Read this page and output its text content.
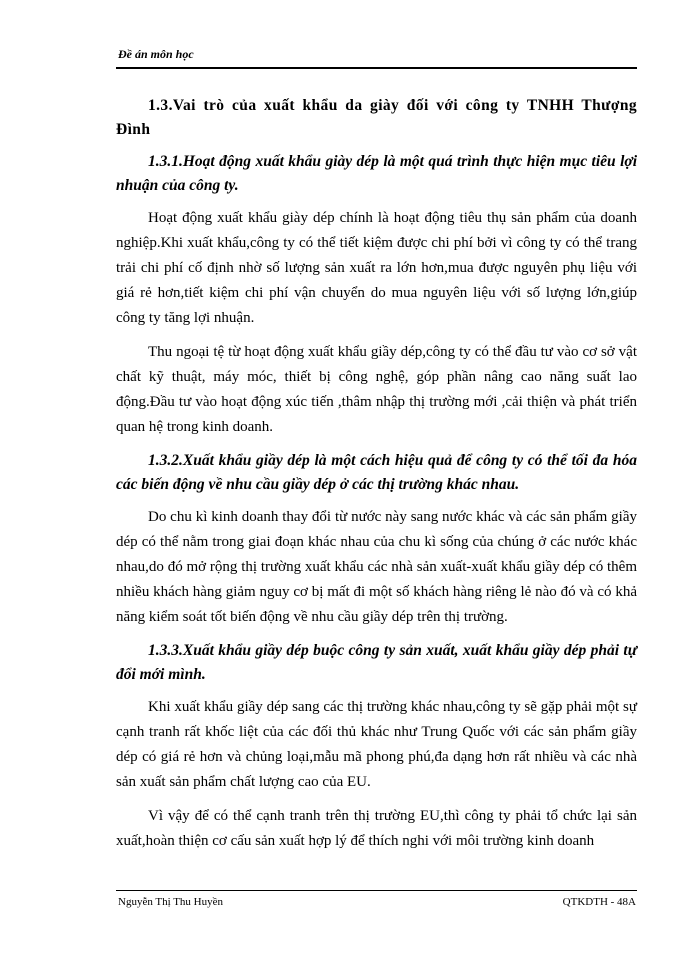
Đề án môn học
1.3.Vai trò của xuất khẩu da giày đối với công ty TNHH Thượng Đình
1.3.1.Hoạt động xuất khẩu giày dép là một quá trình thực hiện mục tiêu lợi nhuận của công ty.

Hoạt động xuất khẩu giày dép chính là hoạt động tiêu thụ sản phẩm của doanh nghiệp.Khi xuất khẩu,công ty có thể tiết kiệm được chi phí bởi vì công ty có thể trang trải chi phí cố định nhờ số lượng sản xuất ra lớn hơn,mua được nguyên phụ liệu với giá rẻ hơn,tiết kiệm chi phí vận chuyển do mua nguyên liệu với số lượng lớn,giúp công ty tăng lợi nhuận.

Thu ngoại tệ từ hoạt động xuất khẩu giầy dép,công ty có thể đầu tư vào cơ sở vật chất kỹ thuật, máy móc, thiết bị công nghệ, góp phần nâng cao năng suất lao động.Đầu tư vào hoạt động xúc tiến ,thâm nhập thị trường mới ,cải thiện và phát triển quan hệ trong kinh doanh.

1.3.2.Xuất khẩu giầy dép là một cách hiệu quả để công ty có thể tối đa hóa các biến động về nhu cầu giầy dép ở các thị trường khác nhau.

Do chu kì kinh doanh thay đổi từ nước này sang nước khác và các sản phẩm giầy dép có thể nằm trong giai đoạn khác nhau của chu kì sống của chúng ở các nước khác nhau,do đó mở rộng thị trường xuất khẩu các nhà sản xuất-xuất khẩu giầy dép có thêm nhiều khách hàng giảm nguy cơ bị mất đi một số khách hàng riêng lẻ nào đó và có khả năng kiểm soát tốt biến động về nhu cầu giầy dép trên thị trường.

1.3.3.Xuất khẩu giầy dép buộc công ty sản xuất, xuất khẩu giầy dép phải tự đổi mới mình.

Khi xuất khẩu giầy dép sang các thị trường khác nhau,công ty sẽ gặp phải một sự cạnh tranh rất khốc liệt của các đối thủ khác như Trung Quốc với các sản phẩm giầy dép có giá rẻ hơn và chủng loại,mẫu mã phong phú,đa dạng hơn rất nhiều và các nhà sản xuất sản phẩm chất lượng cao của EU.

Vì vậy để có thể cạnh tranh trên thị trường EU,thì công ty phải tổ chức lại sản xuất,hoàn thiện cơ cấu sản xuất hợp lý để thích nghi với môi trường kinh doanh

Nguyễn Thị Thu Huyền	QTKDTH - 48A
